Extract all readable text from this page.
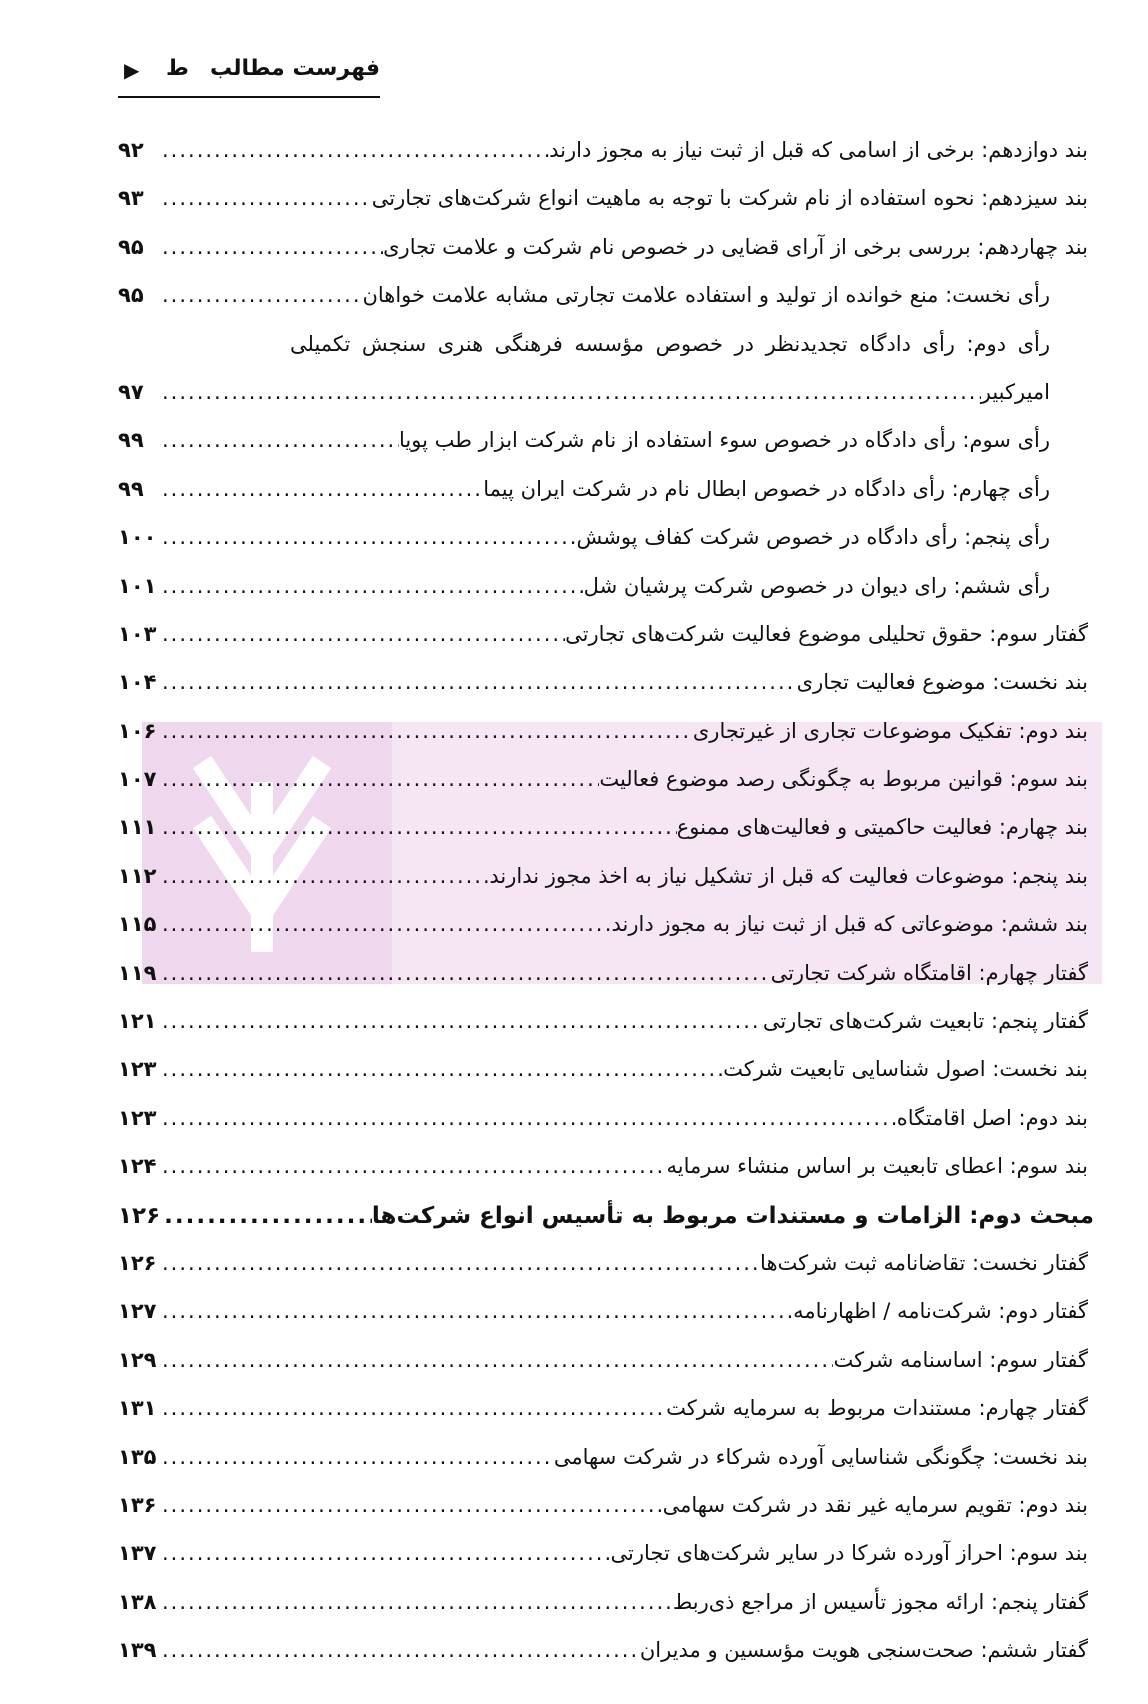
فهرست مطالب
ط
▶
بند دوازدهم: برخی از اسامی که قبل از ثبت نیاز به مجوز دارند
.....
۹۲
بند سیزدهم: نحوه استفاده از نام شرکت با توجه به ماهیت انواع شرکت‌های تجارتی
.....
۹۳
بند چهاردهم: بررسی برخی از آرای قضایی در خصوص نام شرکت و علامت تجاری
.....
۹۵
رأی نخست: منع خوانده از تولید و استفاده علامت تجارتی مشابه علامت خواهان
.....
۹۵
رأی دوم: رأی دادگاه تجدیدنظر در خصوص مؤسسه فرهنگی هنری سنجش تکمیلی
امیرکبیر
.....
۹۷
رأی سوم: رأی دادگاه در خصوص سوء استفاده از نام شرکت ابزار طب پویا
.....
۹۹
رأی چهارم: رأی دادگاه در خصوص ابطال نام در شرکت ایران پیما
.....
۹۹
رأی پنجم: رأی دادگاه در خصوص شرکت کفاف پوشش
.....
۱۰۰
رأی ششم: رای دیوان در خصوص شرکت پرشیان شل
.....
۱۰۱
گفتار سوم: حقوق تحلیلی موضوع فعالیت شرکت‌های تجارتی
.....
۱۰۳
بند نخست: موضوع فعالیت تجاری
.....
۱۰۴
بند دوم: تفکیک موضوعات تجاری از غیرتجاری
.....
۱۰۶
بند سوم: قوانین مربوط به چگونگی رصد موضوع فعالیت
.....
۱۰۷
بند چهارم: فعالیت حاکمیتی و فعالیت‌های ممنوع
.....
۱۱۱
بند پنجم: موضوعات فعالیت که قبل از تشکیل نیاز به اخذ مجوز ندارند
.....
۱۱۲
بند ششم: موضوعاتی که قبل از ثبت نیاز به مجوز دارند.
.....
۱۱۵
گفتار چهارم: اقامتگاه شرکت تجارتی
.....
۱۱۹
گفتار پنجم: تابعیت شرکت‌های تجارتی
.....
۱۲۱
بند نخست: اصول شناسایی تابعیت شرکت
.....
۱۲۳
بند دوم: اصل اقامتگاه
.....
۱۲۳
بند سوم: اعطای تابعیت بر اساس منشاء سرمایه
.....
۱۲۴
مبحث دوم: الزامات و مستندات مربوط به تأسیس انواع شرکت‌ها
.....
۱۲۶
گفتار نخست: تقاضانامه ثبت شرکت‌ها
.....
۱۲۶
گفتار دوم: شرکت‌نامه / اظهارنامه
.....
۱۲۷
گفتار سوم: اساسنامه شرکت
.....
۱۲۹
گفتار چهارم: مستندات مربوط به سرمایه شرکت
.....
۱۳۱
بند نخست: چگونگی شناسایی آورده شرکاء در شرکت سهامی
.....
۱۳۵
بند دوم: تقویم سرمایه غیر نقد در شرکت سهامی
.....
۱۳۶
بند سوم: احراز آورده شرکا در سایر شرکت‌های تجارتی
.....
۱۳۷
گفتار پنجم: ارائه مجوز تأسیس از مراجع ذی‌ربط
.....
۱۳۸
گفتار ششم: صحت‌سنجی هویت مؤسسین و مدیران
.....
۱۳۹
